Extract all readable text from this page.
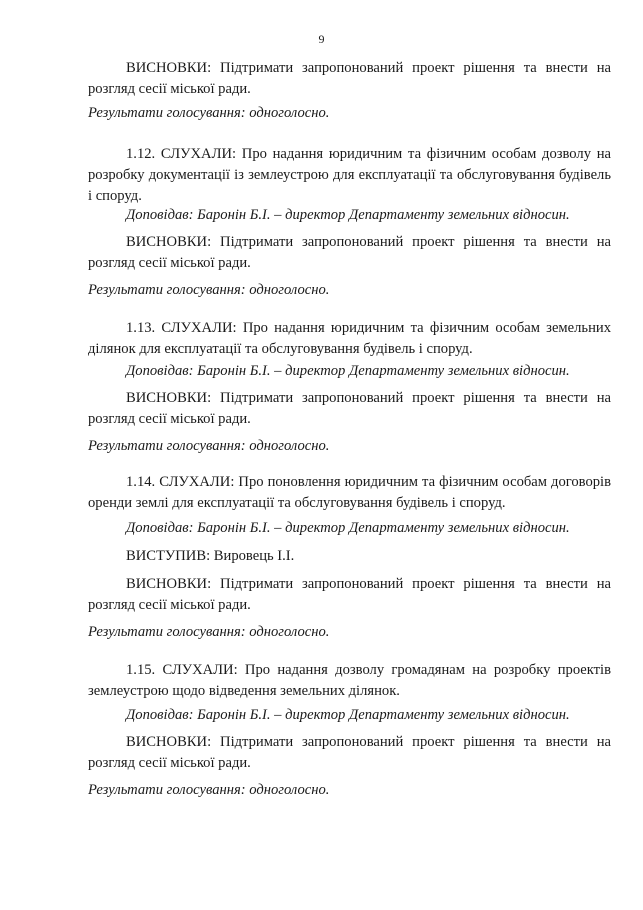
9

ВИСНОВКИ: Підтримати запропонований проект рішення та внести на розгляд сесії міської ради.

Результати голосування: одноголосно.

1.12. СЛУХАЛИ: Про надання юридичним та фізичним особам дозволу на розробку документації із землеустрою для експлуатації та обслуговування будівель і споруд.

Доповідав: Баронін Б.І. – директор Департаменту земельних відносин.

ВИСНОВКИ: Підтримати запропонований проект рішення та внести на розгляд сесії міської ради.

Результати голосування: одноголосно.

1.13. СЛУХАЛИ: Про надання юридичним та фізичним особам земельних ділянок для експлуатації та обслуговування будівель і споруд.

Доповідав: Баронін Б.І. – директор Департаменту земельних відносин.

ВИСНОВКИ: Підтримати запропонований проект рішення та внести на розгляд сесії міської ради.

Результати голосування: одноголосно.

1.14. СЛУХАЛИ: Про поновлення юридичним та фізичним особам договорів оренди землі для експлуатації та обслуговування будівель і споруд.

Доповідав: Баронін Б.І. – директор Департаменту земельних відносин.

ВИСТУПИВ: Вировець І.І.

ВИСНОВКИ: Підтримати запропонований проект рішення та внести на розгляд сесії міської ради.

Результати голосування: одноголосно.

1.15. СЛУХАЛИ: Про надання дозволу громадянам на розробку проектів землеустрою щодо відведення земельних ділянок.

Доповідав: Баронін Б.І. – директор Департаменту земельних відносин.

ВИСНОВКИ: Підтримати запропонований проект рішення та внести на розгляд сесії міської ради.

Результати голосування: одноголосно.
